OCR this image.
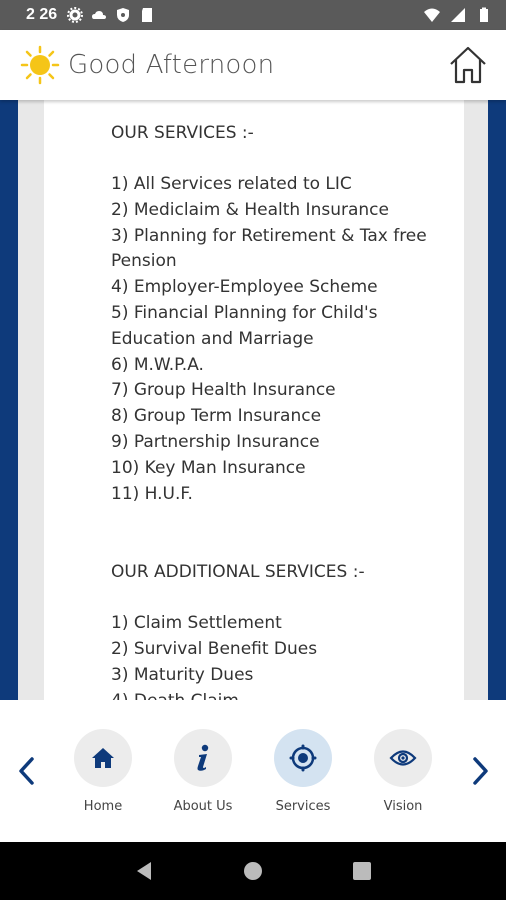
2 26
Good Afternoon
OUR SERVICES :-
1) All Services related to LIC
2) Mediclaim & Health Insurance
3) Planning for Retirement & Tax free Pension
4) Employer-Employee Scheme
5) Financial Planning for Child's Education and Marriage
6) M.W.P.A.
7) Group Health Insurance
8) Group Term Insurance
9) Partnership Insurance
10) Key Man Insurance
11) H.U.F.
OUR ADDITIONAL SERVICES :-
1) Claim Settlement
2) Survival Benefit Dues
3) Maturity Dues
Home	About Us	Services	Vision
